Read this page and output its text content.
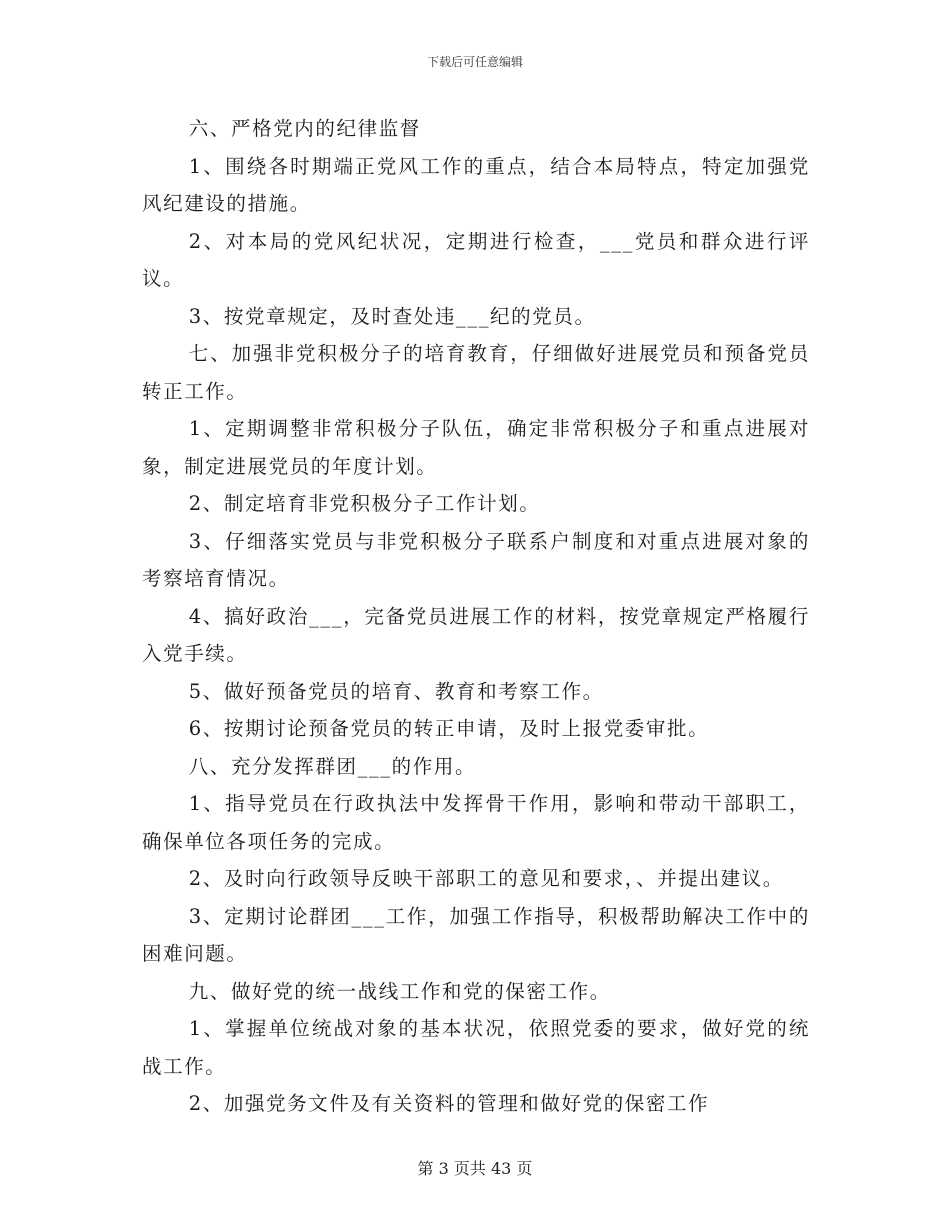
下载后可任意编辑

六、严格党内的纪律监督

1、围绕各时期端正党风工作的重点，结合本局特点，特定加强党风纪建设的措施。

2、对本局的党风纪状况，定期进行检查，___党员和群众进行评议。

3、按党章规定，及时查处违___纪的党员。

七、加强非党积极分子的培育教育，仔细做好进展党员和预备党员转正工作。

1、定期调整非常积极分子队伍，确定非常积极分子和重点进展对象，制定进展党员的年度计划。

2、制定培育非党积极分子工作计划。

3、仔细落实党员与非党积极分子联系户制度和对重点进展对象的考察培育情况。

4、搞好政治___，完备党员进展工作的材料，按党章规定严格履行入党手续。

5、做好预备党员的培育、教育和考察工作。

6、按期讨论预备党员的转正申请，及时上报党委审批。

八、充分发挥群团___的作用。

1、指导党员在行政执法中发挥骨干作用，影响和带动干部职工，确保单位各项任务的完成。

2、及时向行政领导反映干部职工的意见和要求，、并提出建议。

3、定期讨论群团___工作，加强工作指导，积极帮助解决工作中的困难问题。

九、做好党的统一战线工作和党的保密工作。

1、掌握单位统战对象的基本状况，依照党委的要求，做好党的统战工作。

2、加强党务文件及有关资料的管理和做好党的保密工作

第 3 页共 43 页
